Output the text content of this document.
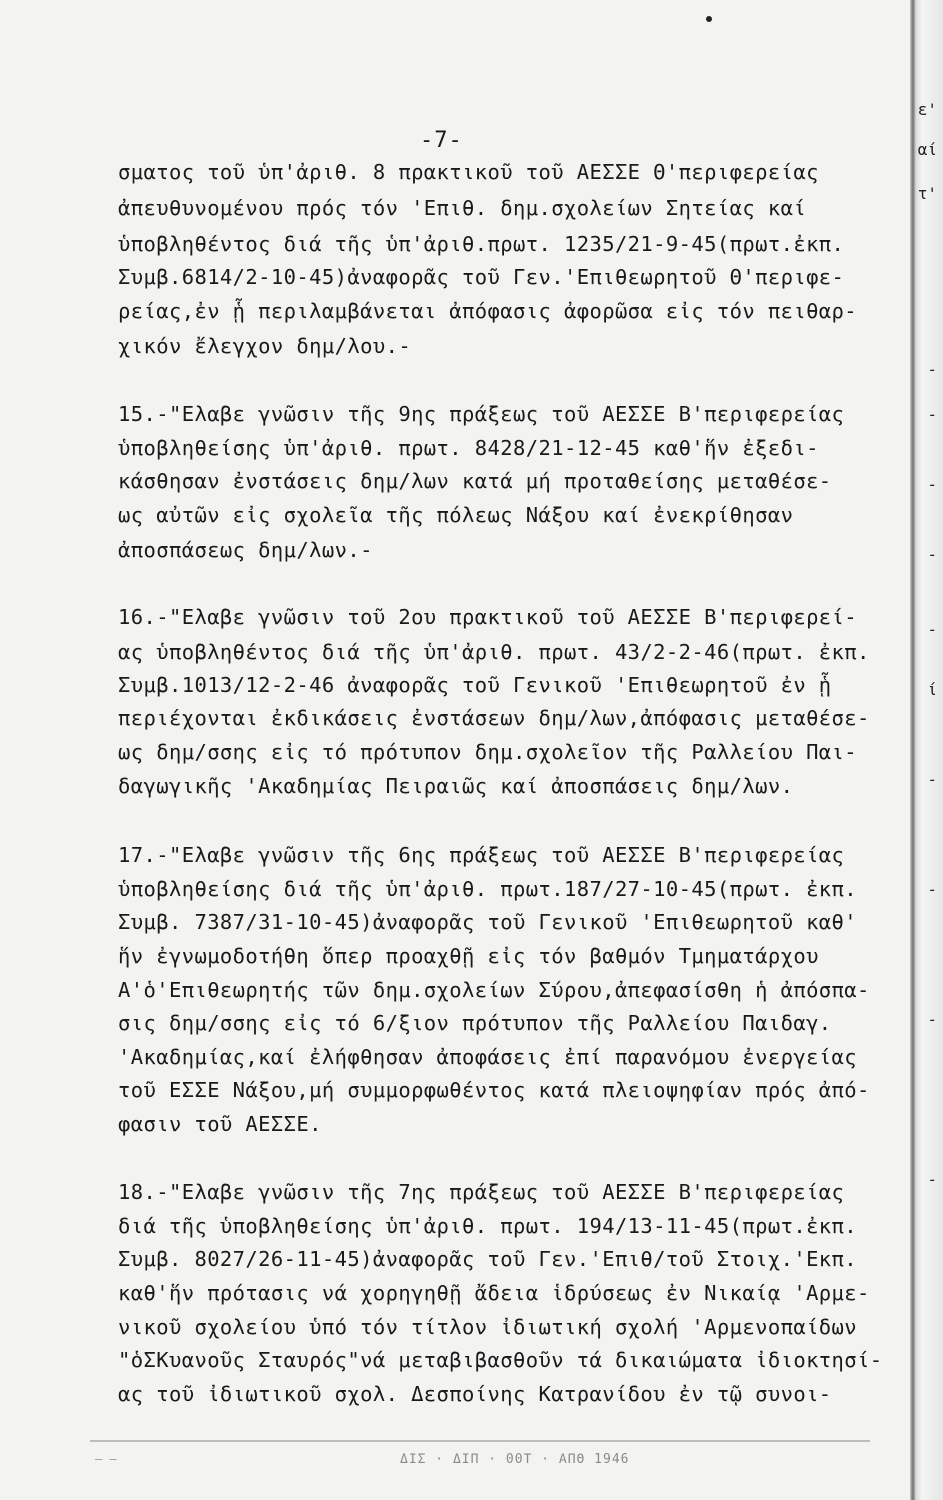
-7-
σματος τοῦ ὑπ'ἀριθ. 8 πρακτικοῦ τοῦ ΑΕΣΣΕ Θ'περιφερείας
ἀπευθυνομένου πρός τόν 'Επιθ. δημ.σχολείων Σητείας καί
ὑποβληθέντος διά τῆς ὑπ'ἀριθ.πρωτ. 1235/21-9-45(πρωτ.ἐκπ.
Συμβ.6814/2-10-45)ἀναφορᾶς τοῦ Γεν.'Επιθεωρητοῦ Θ'περιφε-
ρείας,ἐν ᾗ περιλαμβάνεται ἀπόφασις ἀφορῶσα εἰς τόν πειθαρ-
χικόν ἔλεγχον δημ/λου.-
15.-"Ελαβε γνῶσιν τῆς 9ης πράξεως τοῦ ΑΕΣΣΕ Β'περιφερείας
ὑποβληθείσης ὑπ'ἀριθ. πρωτ. 8428/21-12-45 καθ'ἥν ἐξεδι-
κάσθησαν ἐνστάσεις δημ/λων κατά μή προταθείσης μεταθέσε-
ως αὐτῶν εἰς σχολεῖα τῆς πόλεως Νάξου καί ἐνεκρίθησαν
ἀποσπάσεως δημ/λων.-
16.-"Ελαβε γνῶσιν τοῦ 2ου πρακτικοῦ τοῦ ΑΕΣΣΕ Β'περιφερεί-
ας ὑποβληθέντος διά τῆς ὑπ'ἀριθ. πρωτ. 43/2-2-46(πρωτ. ἐκπ.
Συμβ.1013/12-2-46 ἀναφορᾶς τοῦ Γενικοῦ 'Επιθεωρητοῦ ἐν ᾗ
περιέχονται ἐκδικάσεις ἐνστάσεων δημ/λων,ἀπόφασις μεταθέσε-
ως δημ/σσης εἰς τό πρότυπον δημ.σχολεῖον τῆς Ραλλείου Παι-
δαγωγικῆς 'Ακαδημίας Πειραιῶς καί ἀποσπάσεις δημ/λων.
17.-"Ελαβε γνῶσιν τῆς 6ης πράξεως τοῦ ΑΕΣΣΕ Β'περιφερείας
ὑποβληθείσης διά τῆς ὑπ'ἀριθ. πρωτ.187/27-10-45(πρωτ. ἐκπ.
Συμβ. 7387/31-10-45)ἀναφορᾶς τοῦ Γενικοῦ 'Επιθεωρητοῦ καθ'
ἥν ἐγνωμοδοτήθη ὅπερ προαχθῇ εἰς τόν βαθμόν Τμηματάρχου
Α'ὁ'Επιθεωρητής τῶν δημ.σχολείων Σύρου,ἀπεφασίσθη ἡ ἀπόσπα-
σις δημ/σσης εἰς τό 6/ξιον πρότυπον τῆς Ραλλείου Παιδαγ.
'Ακαδημίας,καί ἐλήφθησαν ἀποφάσεις ἐπί παρανόμου ἐνεργείας
τοῦ ΕΣΣΕ Νάξου,μή συμμορφωθέντος κατά πλειοψηφίαν πρός ἀπό-
φασιν τοῦ ΑΕΣΣΕ.
18.-"Ελαβε γνῶσιν τῆς 7ης πράξεως τοῦ ΑΕΣΣΕ Β'περιφερείας
διά τῆς ὑποβληθείσης ὑπ'ἀριθ. πρωτ. 194/13-11-45(πρωτ.ἐκπ.
Συμβ. 8027/26-11-45)ἀναφορᾶς τοῦ Γεν.'Επιθ/τοῦ Στοιχ.'Εκπ.
καθ'ἥν πρότασις νά χορηγηθῇ ἄδεια ἱδρύσεως ἐν Νικαίᾳ 'Αρμε-
νικοῦ σχολείου ὑπό τόν τίτλον ἰδιωτική σχολή 'Αρμενοπαίδων
"ὁΣΚυανοῦς Σταυρός"νά μεταβιβασθοῦν τά δικαιώματα ἰδιοκτησί-
ας τοῦ ἰδιωτικοῦ σχολ. Δεσποίνης Κατρανίδου ἐν τῷ συνοι-
— —	ΔΙΣ · ΔΙΠ · 00Τ · ΑΠΘ 1946
ε'
αί
τ'
-
-
-
-
-
ί
-
-
-
-
